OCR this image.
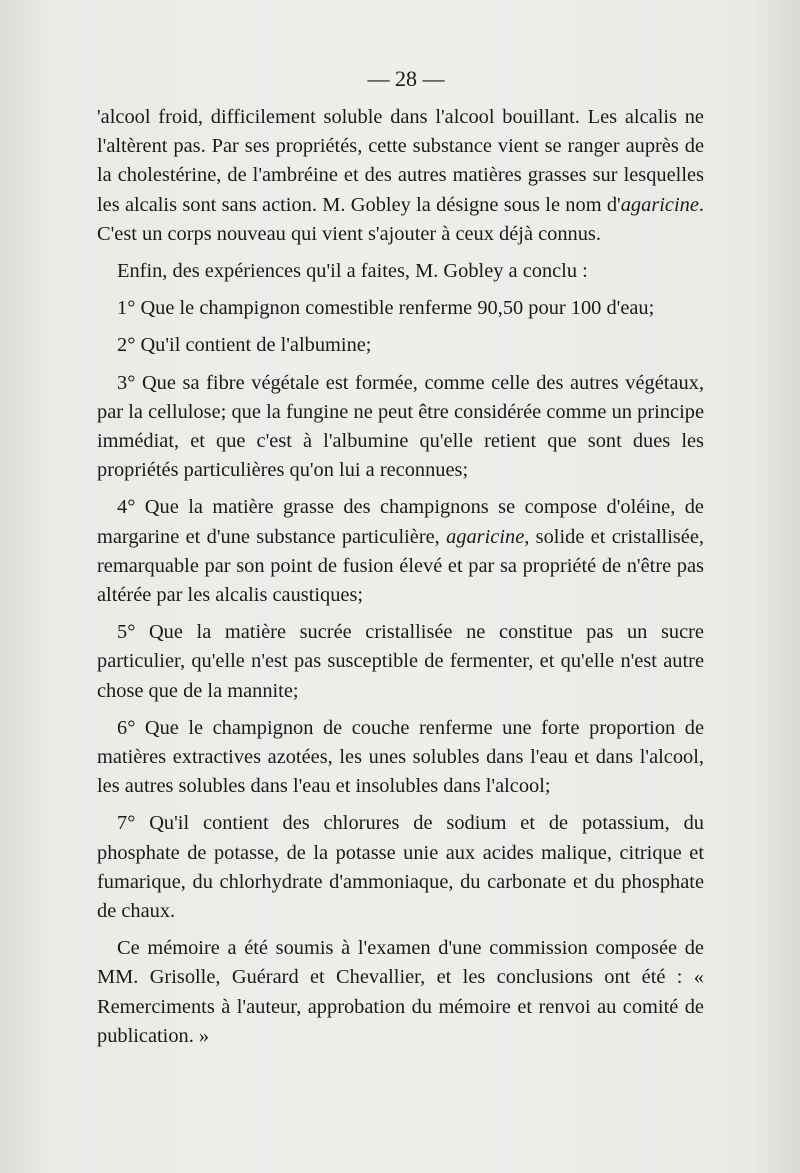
— 28 —

'alcool froid, difficilement soluble dans l'alcool bouillant. Les alcalis ne l'altèrent pas. Par ses propriétés, cette substance vient se ranger auprès de la cholestérine, de l'ambréine et des autres matières grasses sur lesquelles les alcalis sont sans action. M. Gobley la désigne sous le nom d'agaricine. C'est un corps nouveau qui vient s'ajouter à ceux déjà connus.

Enfin, des expériences qu'il a faites, M. Gobley a conclu :

1° Que le champignon comestible renferme 90,50 pour 100 d'eau;

2° Qu'il contient de l'albumine;

3° Que sa fibre végétale est formée, comme celle des autres végétaux, par la cellulose; que la fungine ne peut être considérée comme un principe immédiat, et que c'est à l'albumine qu'elle retient que sont dues les propriétés particulières qu'on lui a reconnues;

4° Que la matière grasse des champignons se compose d'oléine, de margarine et d'une substance particulière, agaricine, solide et cristallisée, remarquable par son point de fusion élevé et par sa propriété de n'être pas altérée par les alcalis caustiques;

5° Que la matière sucrée cristallisée ne constitue pas un sucre particulier, qu'elle n'est pas susceptible de fermenter, et qu'elle n'est autre chose que de la mannite;

6° Que le champignon de couche renferme une forte proportion de matières extractives azotées, les unes solubles dans l'eau et dans l'alcool, les autres solubles dans l'eau et insolubles dans l'alcool;

7° Qu'il contient des chlorures de sodium et de potassium, du phosphate de potasse, de la potasse unie aux acides malique, citrique et fumarique, du chlorhydrate d'ammoniaque, du carbonate et du phosphate de chaux.

Ce mémoire a été soumis à l'examen d'une commission composée de MM. Grisolle, Guérard et Chevallier, et les conclusions ont été : « Remerciments à l'auteur, approbation du mémoire et renvoi au comité de publication. »
